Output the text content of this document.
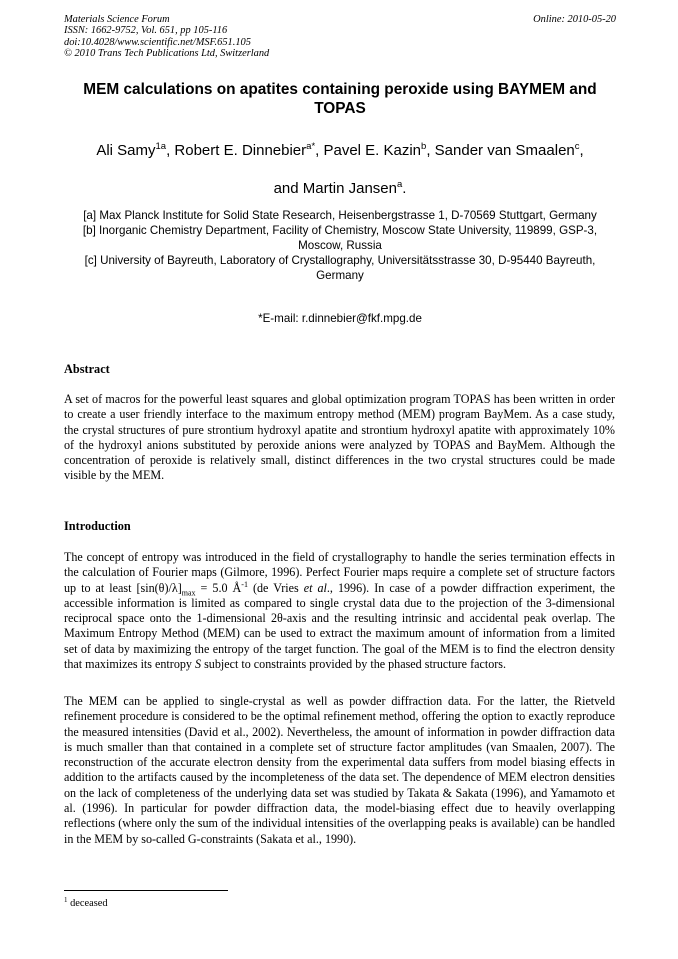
Materials Science Forum
ISSN: 1662-9752, Vol. 651, pp 105-116
doi:10.4028/www.scientific.net/MSF.651.105
© 2010 Trans Tech Publications Ltd, Switzerland
Online: 2010-05-20
MEM calculations on apatites containing peroxide using BAYMEM and TOPAS
Ali Samy$^{1a}$, Robert E. Dinnebier$^{a*}$, Pavel E. Kazin$^b$, Sander van Smaalen$^c$,
and Martin Jansen$^a$.
[a] Max Planck Institute for Solid State Research, Heisenbergstrasse 1, D-70569 Stuttgart, Germany
[b] Inorganic Chemistry Department, Facility of Chemistry, Moscow State University, 119899, GSP-3, Moscow, Russia
[c] University of Bayreuth, Laboratory of Crystallography, Universitätsstrasse 30, D-95440 Bayreuth, Germany
*E-mail: r.dinnebier@fkf.mpg.de
Abstract
A set of macros for the powerful least squares and global optimization program TOPAS has been written in order to create a user friendly interface to the maximum entropy method (MEM) program BayMem. As a case study, the crystal structures of pure strontium hydroxyl apatite and strontium hydroxyl apatite with approximately 10% of the hydroxyl anions substituted by peroxide anions were analyzed by TOPAS and BayMem. Although the concentration of peroxide is relatively small, distinct differences in the two crystal structures could be made visible by the MEM.
Introduction
The concept of entropy was introduced in the field of crystallography to handle the series termination effects in the calculation of Fourier maps (Gilmore, 1996). Perfect Fourier maps require a complete set of structure factors up to at least $[\sin(\theta)/\lambda]_{max} = 5.0$ $Å^{-1}$ (de Vries et al., 1996). In case of a powder diffraction experiment, the accessible information is limited as compared to single crystal data due to the projection of the 3-dimensional reciprocal space onto the 1-dimensional 2θ-axis and the resulting intrinsic and accidental peak overlap. The Maximum Entropy Method (MEM) can be used to extract the maximum amount of information from a limited set of data by maximizing the entropy of the target function. The goal of the MEM is to find the electron density that maximizes its entropy S subject to constraints provided by the phased structure factors.
The MEM can be applied to single-crystal as well as powder diffraction data. For the latter, the Rietveld refinement procedure is considered to be the optimal refinement method, offering the option to exactly reproduce the measured intensities (David et al., 2002). Nevertheless, the amount of information in powder diffraction data is much smaller than that contained in a complete set of structure factor amplitudes (van Smaalen, 2007). The reconstruction of the accurate electron density from the experimental data suffers from model biasing effects in addition to the artifacts caused by the incompleteness of the data set. The dependence of MEM electron densities on the lack of completeness of the underlying data set was studied by Takata & Sakata (1996), and Yamamoto et al. (1996). In particular for powder diffraction data, the model-biasing effect due to heavily overlapping reflections (where only the sum of the individual intensities of the overlapping peaks is available) can be handled in the MEM by so-called G-constraints (Sakata et al., 1990).
$^1$ deceased
